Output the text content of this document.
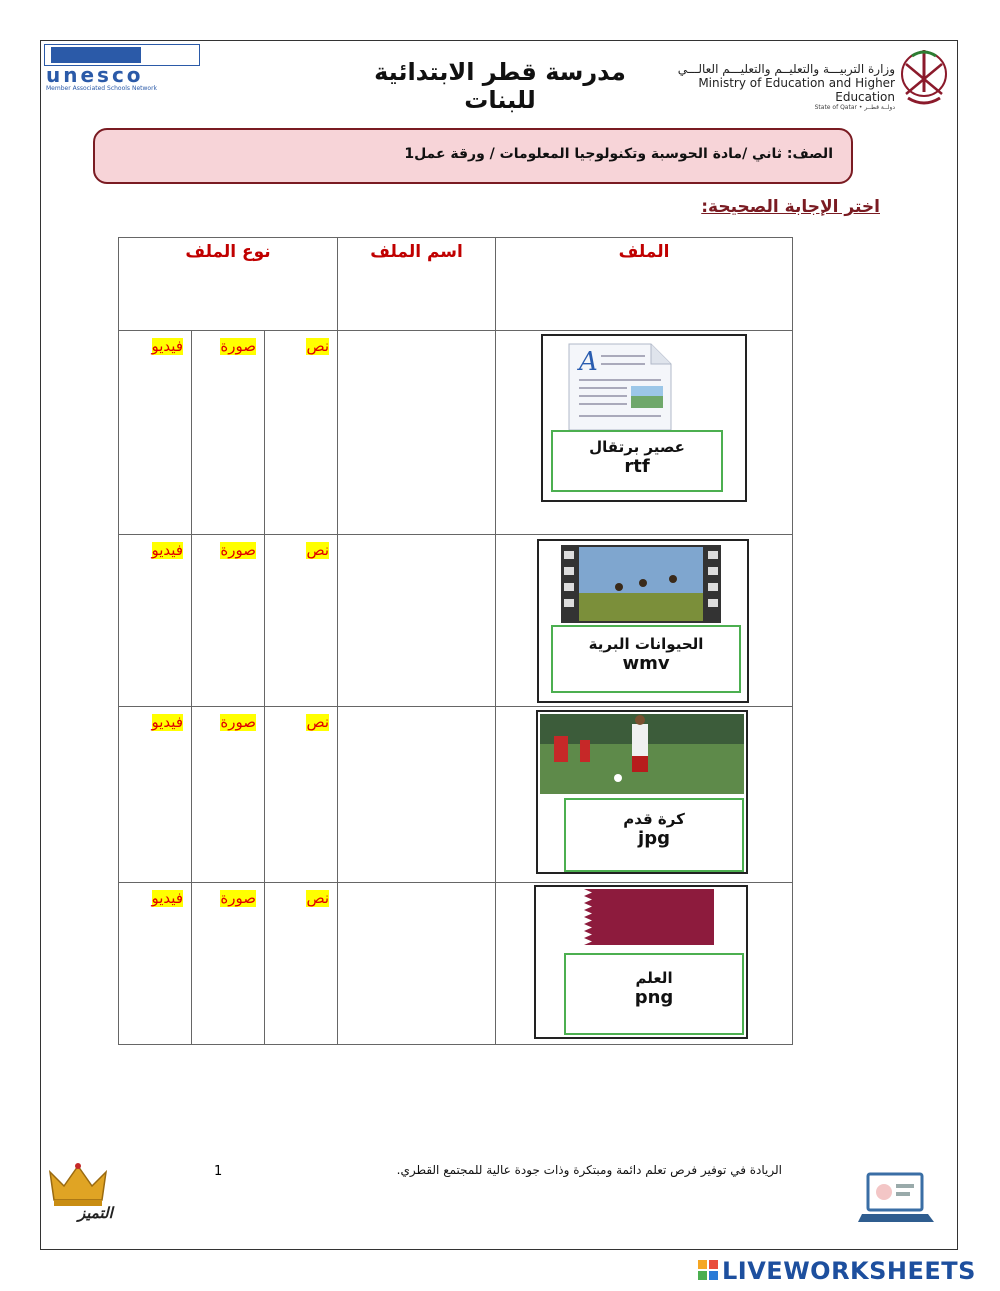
unesco
Member Associated Schools Network
مدرسة قطر الابتدائية للبنات
وزارة التربيـــة والتعليــم والتعليـــم العالـــي
Ministry of Education and Higher Education
State of Qatar • دولــة قطــر
الصف: ثاني /مادة الحوسبة وتكنولوجيا المعلومات / ورقة عمل1
اختر الإجابة الصحيحة:
نوع الملف			اسم الملف	الملف

فيديو	صورة	نص		A
عصير برتقال
rtf

فيديو	صورة	نص		الحيوانات البرية
wmv

فيديو	صورة	نص		كرة قدم
jpg

فيديو	صورة	نص		العلم
png
التميز
1	الريادة في توفير فرص تعلم دائمة ومبتكرة وذات جودة عالية للمجتمع القطري.
LIVEWORKSHEETS
